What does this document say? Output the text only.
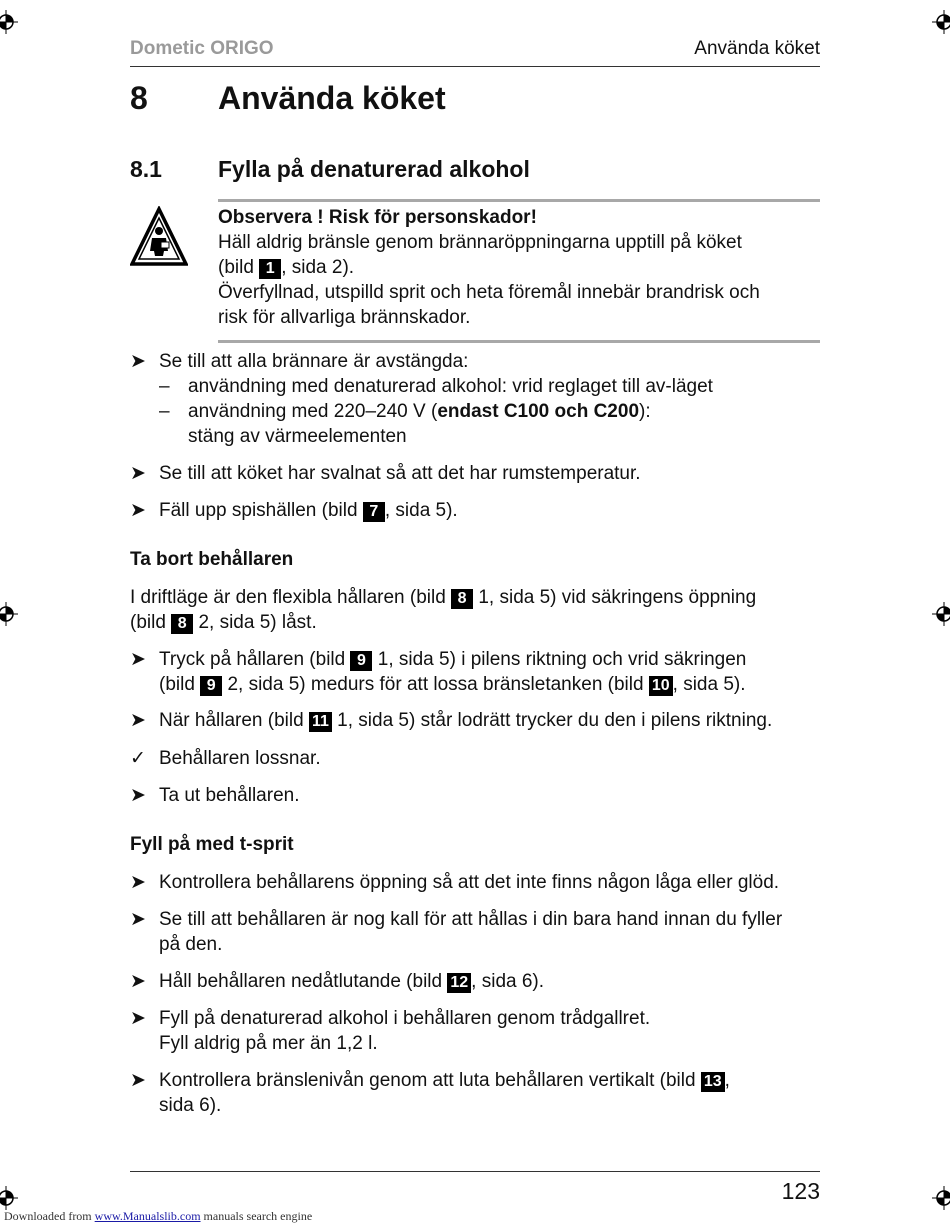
Dometic ORIGO	Använda köket
8 Använda köket
8.1 Fylla på denaturerad alkohol
Observera ! Risk för personskador!
Häll aldrig bränsle genom brännaröppningarna upptill på köket
(bild 1 , sida 2).
Överfyllnad, utspilld sprit och heta föremål innebär brandrisk och
risk för allvarliga brännskador.
➤ Se till att alla brännare är avstängda:
– användning med denaturerad alkohol: vrid reglaget till av-läget
– användning med 220–240 V (endast C100 och C200):
stäng av värmeelementen
➤ Se till att köket har svalnat så att det har rumstemperatur.
➤ Fäll upp spishällen (bild 7 , sida 5).
Ta bort behållaren
I driftläge är den flexibla hållaren (bild 8 1, sida 5) vid säkringens öppning
(bild 8 2, sida 5) låst.
➤ Tryck på hållaren (bild 9 1, sida 5) i pilens riktning och vrid säkringen
(bild 9 2, sida 5) medurs för att lossa bränsletanken (bild 10 , sida 5).
➤ När hållaren (bild 11 1, sida 5) står lodrätt trycker du den i pilens riktning.
✓ Behållaren lossnar.
➤ Ta ut behållaren.
Fyll på med t-sprit
➤ Kontrollera behållarens öppning så att det inte finns någon låga eller glöd.
➤ Se till att behållaren är nog kall för att hållas i din bara hand innan du fyller
på den.
➤ Håll behållaren nedåtlutande (bild 12 , sida 6).
➤ Fyll på denaturerad alkohol i behållaren genom trådgallret.
Fyll aldrig på mer än 1,2 l.
➤ Kontrollera bränslenivån genom att luta behållaren vertikalt (bild 13 ,
sida 6).
123
Downloaded from www.Manualslib.com manuals search engine
